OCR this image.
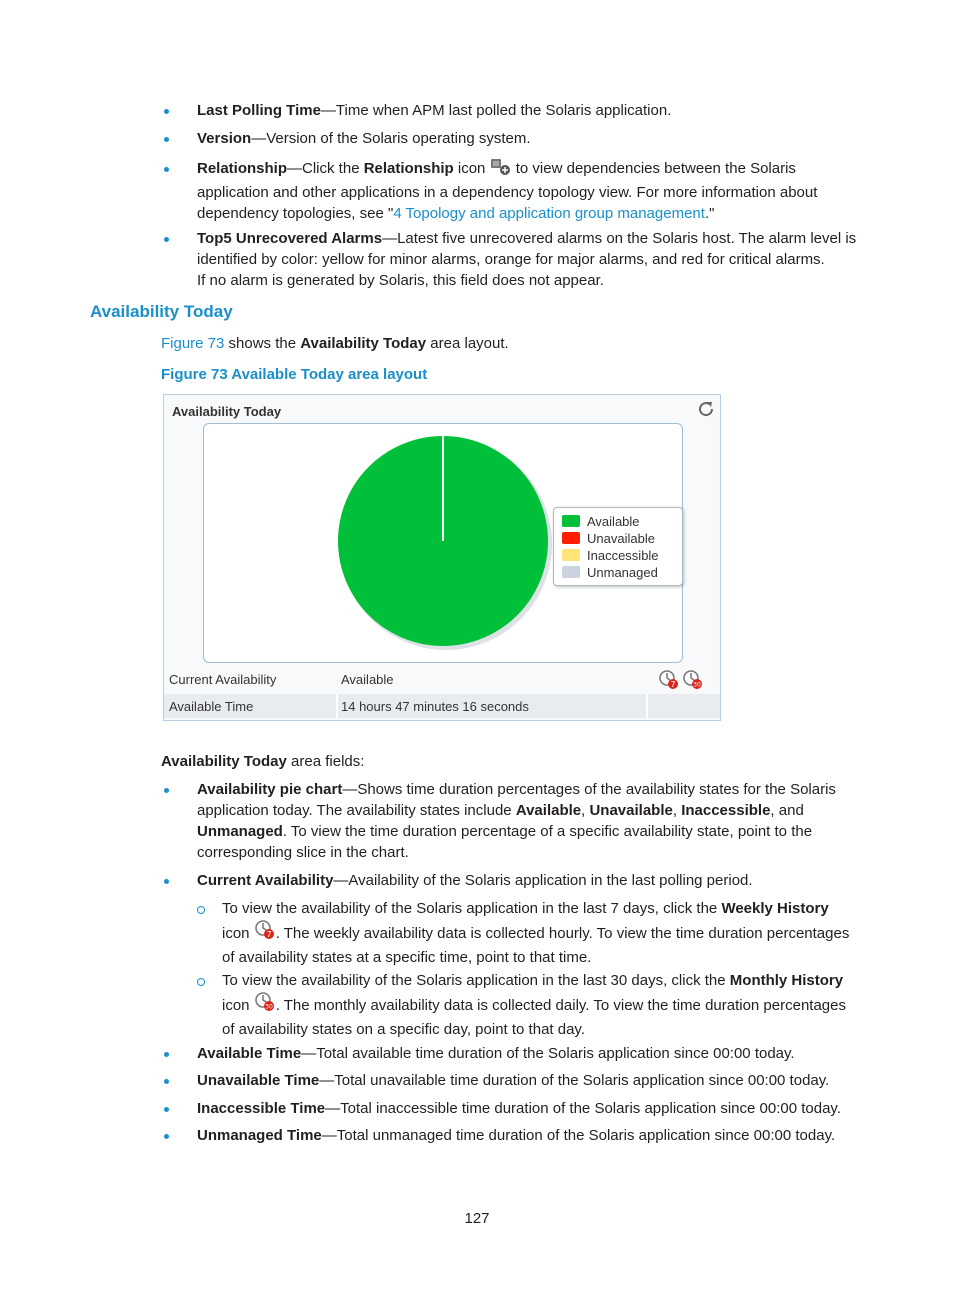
Last Polling Time—Time when APM last polled the Solaris application.
Version—Version of the Solaris operating system.
Relationship—Click the Relationship icon  to view dependencies between the Solaris
application and other applications in a dependency topology view. For more information about
dependency topologies, see "4 Topology and application group management."
Top5 Unrecovered Alarms—Latest five unrecovered alarms on the Solaris host. The alarm level is
identified by color: yellow for minor alarms, orange for major alarms, and red for critical alarms.
If no alarm is generated by Solaris, this field does not appear.
Availability Today
Figure 73 shows the Availability Today area layout.
Figure 73 Available Today area layout
Availability Today
Available
Unavailable
Inaccessible
Unmanaged
Current Availability	Available	7	30
Available Time	14 hours 47 minutes 16 seconds
Availability Today area fields:
Availability pie chart—Shows time duration percentages of the availability states for the Solaris
application today. The availability states include Available, Unavailable, Inaccessible, and
Unmanaged. To view the time duration percentage of a specific availability state, point to the
corresponding slice in the chart.
Current Availability—Availability of the Solaris application in the last polling period.
To view the availability of the Solaris application in the last 7 days, click the Weekly History
icon 7 . The weekly availability data is collected hourly. To view the time duration percentages
of availability states at a specific time, point to that time.
To view the availability of the Solaris application in the last 30 days, click the Monthly History
icon 30 . The monthly availability data is collected daily. To view the time duration percentages
of availability states on a specific day, point to that day.
Available Time—Total available time duration of the Solaris application since 00:00 today.
Unavailable Time—Total unavailable time duration of the Solaris application since 00:00 today.
Inaccessible Time—Total inaccessible time duration of the Solaris application since 00:00 today.
Unmanaged Time—Total unmanaged time duration of the Solaris application since 00:00 today.
127
